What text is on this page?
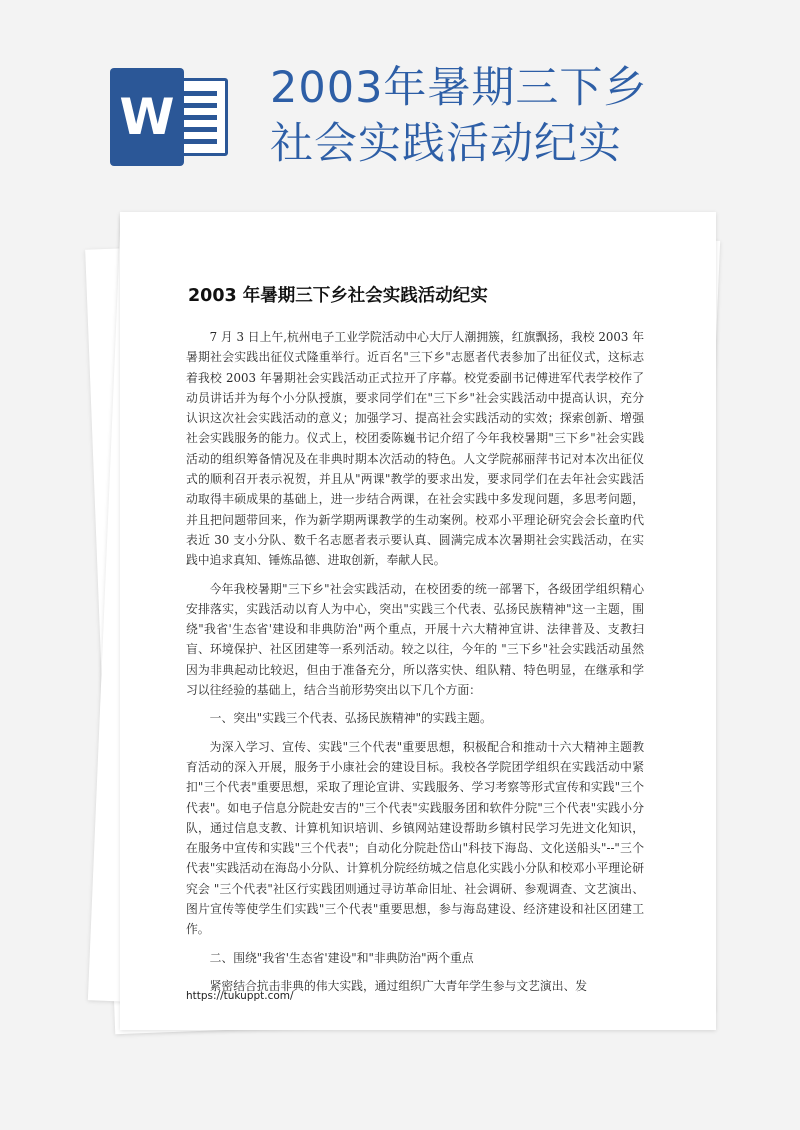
W 2003年暑期三下乡
社会实践活动纪实
2003 年暑期三下乡社会实践活动纪实

7 月 3 日上午,杭州电子工业学院活动中心大厅人潮拥簇，红旗飘扬，我校 2003 年暑期社会实践出征仪式隆重举行。近百名"三下乡"志愿者代表参加了出征仪式，这标志着我校 2003 年暑期社会实践活动正式拉开了序幕。校党委副书记傅进军代表学校作了动员讲话并为每个小分队授旗，要求同学们在"三下乡"社会实践活动中提高认识，充分认识这次社会实践活动的意义；加强学习、提高社会实践活动的实效；探索创新、增强社会实践服务的能力。仪式上，校团委陈巍书记介绍了今年我校暑期"三下乡"社会实践活动的组织筹备情况及在非典时期本次活动的特色。人文学院郝丽萍书记对本次出征仪式的顺利召开表示祝贺，并且从"两课"教学的要求出发，要求同学们在去年社会实践活动取得丰硕成果的基础上，进一步结合两课，在社会实践中多发现问题，多思考问题，并且把问题带回来，作为新学期两课教学的生动案例。校邓小平理论研究会会长童旳代表近 30 支小分队、数千名志愿者表示要认真、圆满完成本次暑期社会实践活动，在实践中追求真知、锤炼品德、进取创新，奉献人民。

今年我校暑期"三下乡"社会实践活动，在校团委的统一部署下，各级团学组织精心安排落实，实践活动以育人为中心，突出"实践三个代表、弘扬民族精神"这一主题，围绕"我省'生态省'建设和非典防治"两个重点，开展十六大精神宣讲、法律普及、支教扫盲、环境保护、社区团建等一系列活动。较之以往，今年的 "三下乡"社会实践活动虽然因为非典起动比较迟，但由于准备充分，所以落实快、组队精、特色明显，在继承和学习以往经验的基础上，结合当前形势突出以下几个方面：

一、突出"实践三个代表、弘扬民族精神"的实践主题。

为深入学习、宣传、实践"三个代表"重要思想，积极配合和推动十六大精神主题教育活动的深入开展，服务于小康社会的建设目标。我校各学院团学组织在实践活动中紧扣"三个代表"重要思想，采取了理论宣讲、实践服务、学习考察等形式宣传和实践"三个代表"。如电子信息分院赴安吉的"三个代表"实践服务团和软件分院"三个代表"实践小分队，通过信息支教、计算机知识培训、乡镇网站建设帮助乡镇村民学习先进文化知识，在服务中宣传和实践"三个代表"；自动化分院赴岱山"科技下海岛、文化送船头"--"三个代表"实践活动在海岛小分队、计算机分院经纺城之信息化实践小分队和校邓小平理论研究会 "三个代表"社区行实践团则通过寻访革命旧址、社会调研、参观调查、文艺演出、图片宣传等使学生们实践"三个代表"重要思想，参与海岛建设、经济建设和社区团建工作。

二、围绕"我省'生态省'建设"和"非典防治"两个重点

紧密结合抗击非典的伟大实践，通过组织广大青年学生参与文艺演出、发

https://tukuppt.com/
